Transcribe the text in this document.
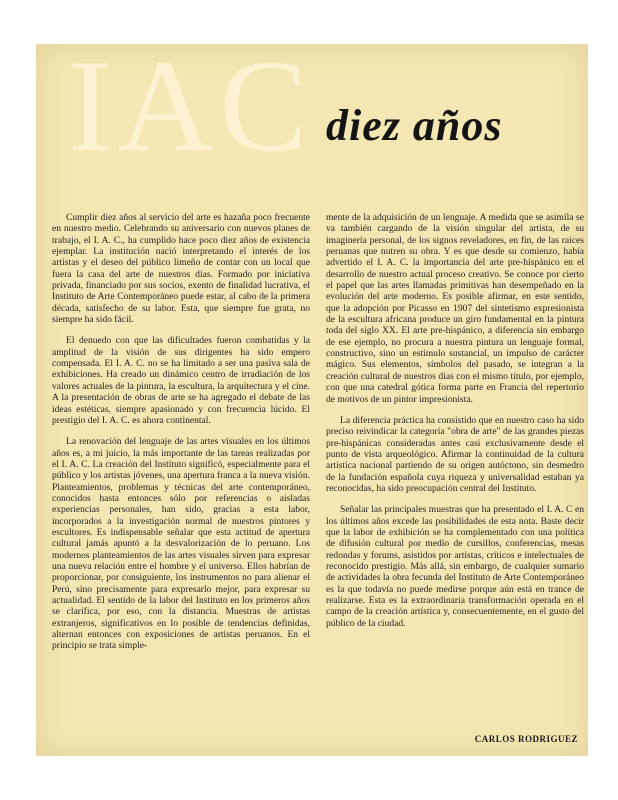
IAC diez años

Cumplir diez años al servicio del arte es hazaña poco frecuente en nuestro medio. Celebrando su aniversario con nuevos planes de trabajo, el I. A. C., ha cumplido hace poco diez años de existencia ejemplar. La institución nació interpretando el interés de los artistas y el deseo del público limeño de contar con un local que fuera la casa del arte de nuestros días. Formado por iniciativa privada, financiado por sus socios, exento de finalidad lucrativa, el Instituto de Arte Contemporáneo puede estar, al cabo de la primera década, satisfecho de su labor. Esta, que siempre fue grata, no siempre ha sido fácil.

El denuedo con que las dificultades fueron combatidas y la amplitud de la visión de sus dirigentes ha sido empero compensada. El I. A. C. no se ha limitado a ser una pasiva sala de exhibiciones. Ha creado un dinámico centro de irradiación de los valores actuales de la pintura, la escultura, la arquitectura y el cine. A la presentación de obras de arte se ha agregado el debate de las ideas estéticas, siempre apasionado y con frecuencia lúcido. El prestigio del I. A. C. es ahora continental.

La renovación del lenguaje de las artes visuales en los últimos años es, a mi juicio, la más importante de las tareas realizadas por el I. A. C. La creación del Instituto significó, especialmente para el público y los artistas jóvenes, una apertura franca a la nueva visión. Planteamientos, problemas y técnicas del arte contemporáneo, conocidos hasta entonces sólo por referencias o aisladas experiencias personales, han sido, gracias a esta labor, incorporados a la investigación normal de nuestros pintores y escultores. Es indispensable señalar que esta actitud de apertura cultural jamás apuntó a la desvalorización de lo peruano. Los modernos planteamientos de las artes visuales sirven para expresar una nueva relación entre el hombre y el universo. Ellos habrían de proporcionar, por consiguiente, los instrumentos no para alienar el Perú, sino precisamente para expresarlo mejor, para expresar su actualidad. El sentido de la labor del Instituto en los primeros años se clarifica, por eso, con la distancia. Muestras de artistas extranjeros, significativos en lo posible de tendencias definidas, alternan entonces con exposiciones de artistas peruanos. En el principio se trata simple-

mente de la adquisición de un lenguaje. A medida que se asimila se va también cargando de la visión singular del artista, de su imaginería personal, de los signos reveladores, en fin, de las raíces peruanas que nutren su obra. Y es que desde su comienzo, había advertido el I. A. C. la importancia del arte pre-hispánico en el desarrollo de nuestro actual proceso creativo. Se conoce por cierto el papel que las artes llamadas primitivas han desempeñado en la evolución del arte moderno. Es posible afirmar, en este sentido, que la adopción por Picasso en 1907 del sintetismo expresionista de la escultura africana produce un giro fundamental en la pintura toda del siglo XX. El arte pre-hispánico, a diferencia sin embargo de ese ejemplo, no procura a nuestra pintura un lenguaje formal, constructivo, sino un estímulo sustancial, un impulso de carácter mágico. Sus elementos, símbolos del pasado, se integran a la creación cultural de nuestros días con el mismo título, por ejemplo, con que una catedral gótica forma parte en Francia del repertorio de motivos de un pintor impresionista.

La diferencia práctica ha consistido que en nuestro caso ha sido preciso reivindicar la categoría "obra de arte" de las grandes piezas pre-hispánicas consideradas antes casi exclusivamente desde el punto de vista arqueológico. Afirmar la continuidad de la cultura artística nacional partiendo de su origen autóctono, sin desmedro de la fundación española cuya riqueza y universalidad estaban ya reconocidas, ha sido preocupación central del Instituto.

Señalar las principales muestras que ha presentado el I. A. C en los últimos años excede las posibilidades de esta nota. Baste decir que la labor de exhibición se ha complementado con una política de difusión cultural por medio de cursillos, conferencias, mesas redondas y forums, asistidos por artistas, críticos e intelectuales de reconocido prestigio. Más allá, sin embargo, de cualquier sumario de actividades la obra fecunda del Instituto de Arte Contemporáneo es la que todavía no puede medirse porque aún está en trance de realizarse. Esta es la extraordinaria transformación operada en el campo de la creación artística y, consecuentemente, en el gusto del público de la ciudad.

CARLOS RODRIGUEZ
